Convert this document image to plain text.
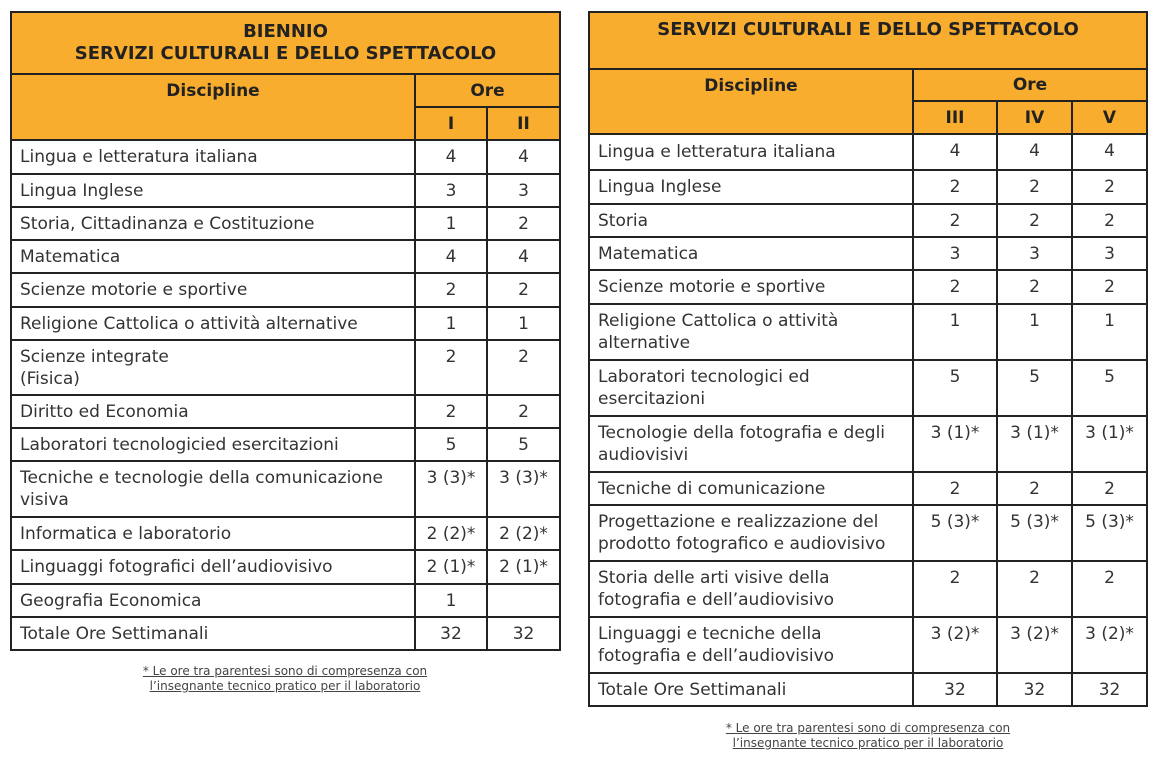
BIENNIO
SERVIZI CULTURALI E DELLO SPETTACOLO		

Discipline	Ore	
	I	II
Lingua e letteratura italiana	4	4
Lingua Inglese	3	3
Storia, Cittadinanza e Costituzione	1	2
Matematica	4	4
Scienze motorie e sportive	2	2
Religione Cattolica o attività alternative	1	1
Scienze integrate
(Fisica)	2	2
Diritto ed Economia	2	2
Laboratori tecnologicied esercitazioni	5	5
Tecniche e tecnologie della comunicazione visiva	3 (3)*	3 (3)*
Informatica e laboratorio	2 (2)*	2 (2)*
Linguaggi fotografici dell’audiovisivo	2 (1)*	2 (1)*
Geografia Economica	1	
Totale Ore Settimanali	32	32
* Le ore tra parentesi sono di compresenza con
l’insegnante tecnico pratico per il laboratorio
SERVIZI CULTURALI E DELLO SPETTACOLO			
Discipline	Ore		
	III	IV	V
Lingua e letteratura italiana	4	4	4
Lingua Inglese	2	2	2
Storia	2	2	2
Matematica	3	3	3
Scienze motorie e sportive	2	2	2
Religione Cattolica o attività alternative	1	1	1
Laboratori tecnologici ed esercitazioni	5	5	5
Tecnologie della fotografia e degli audiovisivi	3 (1)*	3 (1)*	3 (1)*
Tecniche di comunicazione	2	2	2
Progettazione e realizzazione del prodotto fotografico e audiovisivo	5 (3)*	5 (3)*	5 (3)*
Storia delle arti visive della fotografia e dell’audiovisivo	2	2	2
Linguaggi e tecniche della fotografia e dell’audiovisivo	3 (2)*	3 (2)*	3 (2)*
Totale Ore Settimanali	32	32	32
* Le ore tra parentesi sono di compresenza con
l’insegnante tecnico pratico per il laboratorio
